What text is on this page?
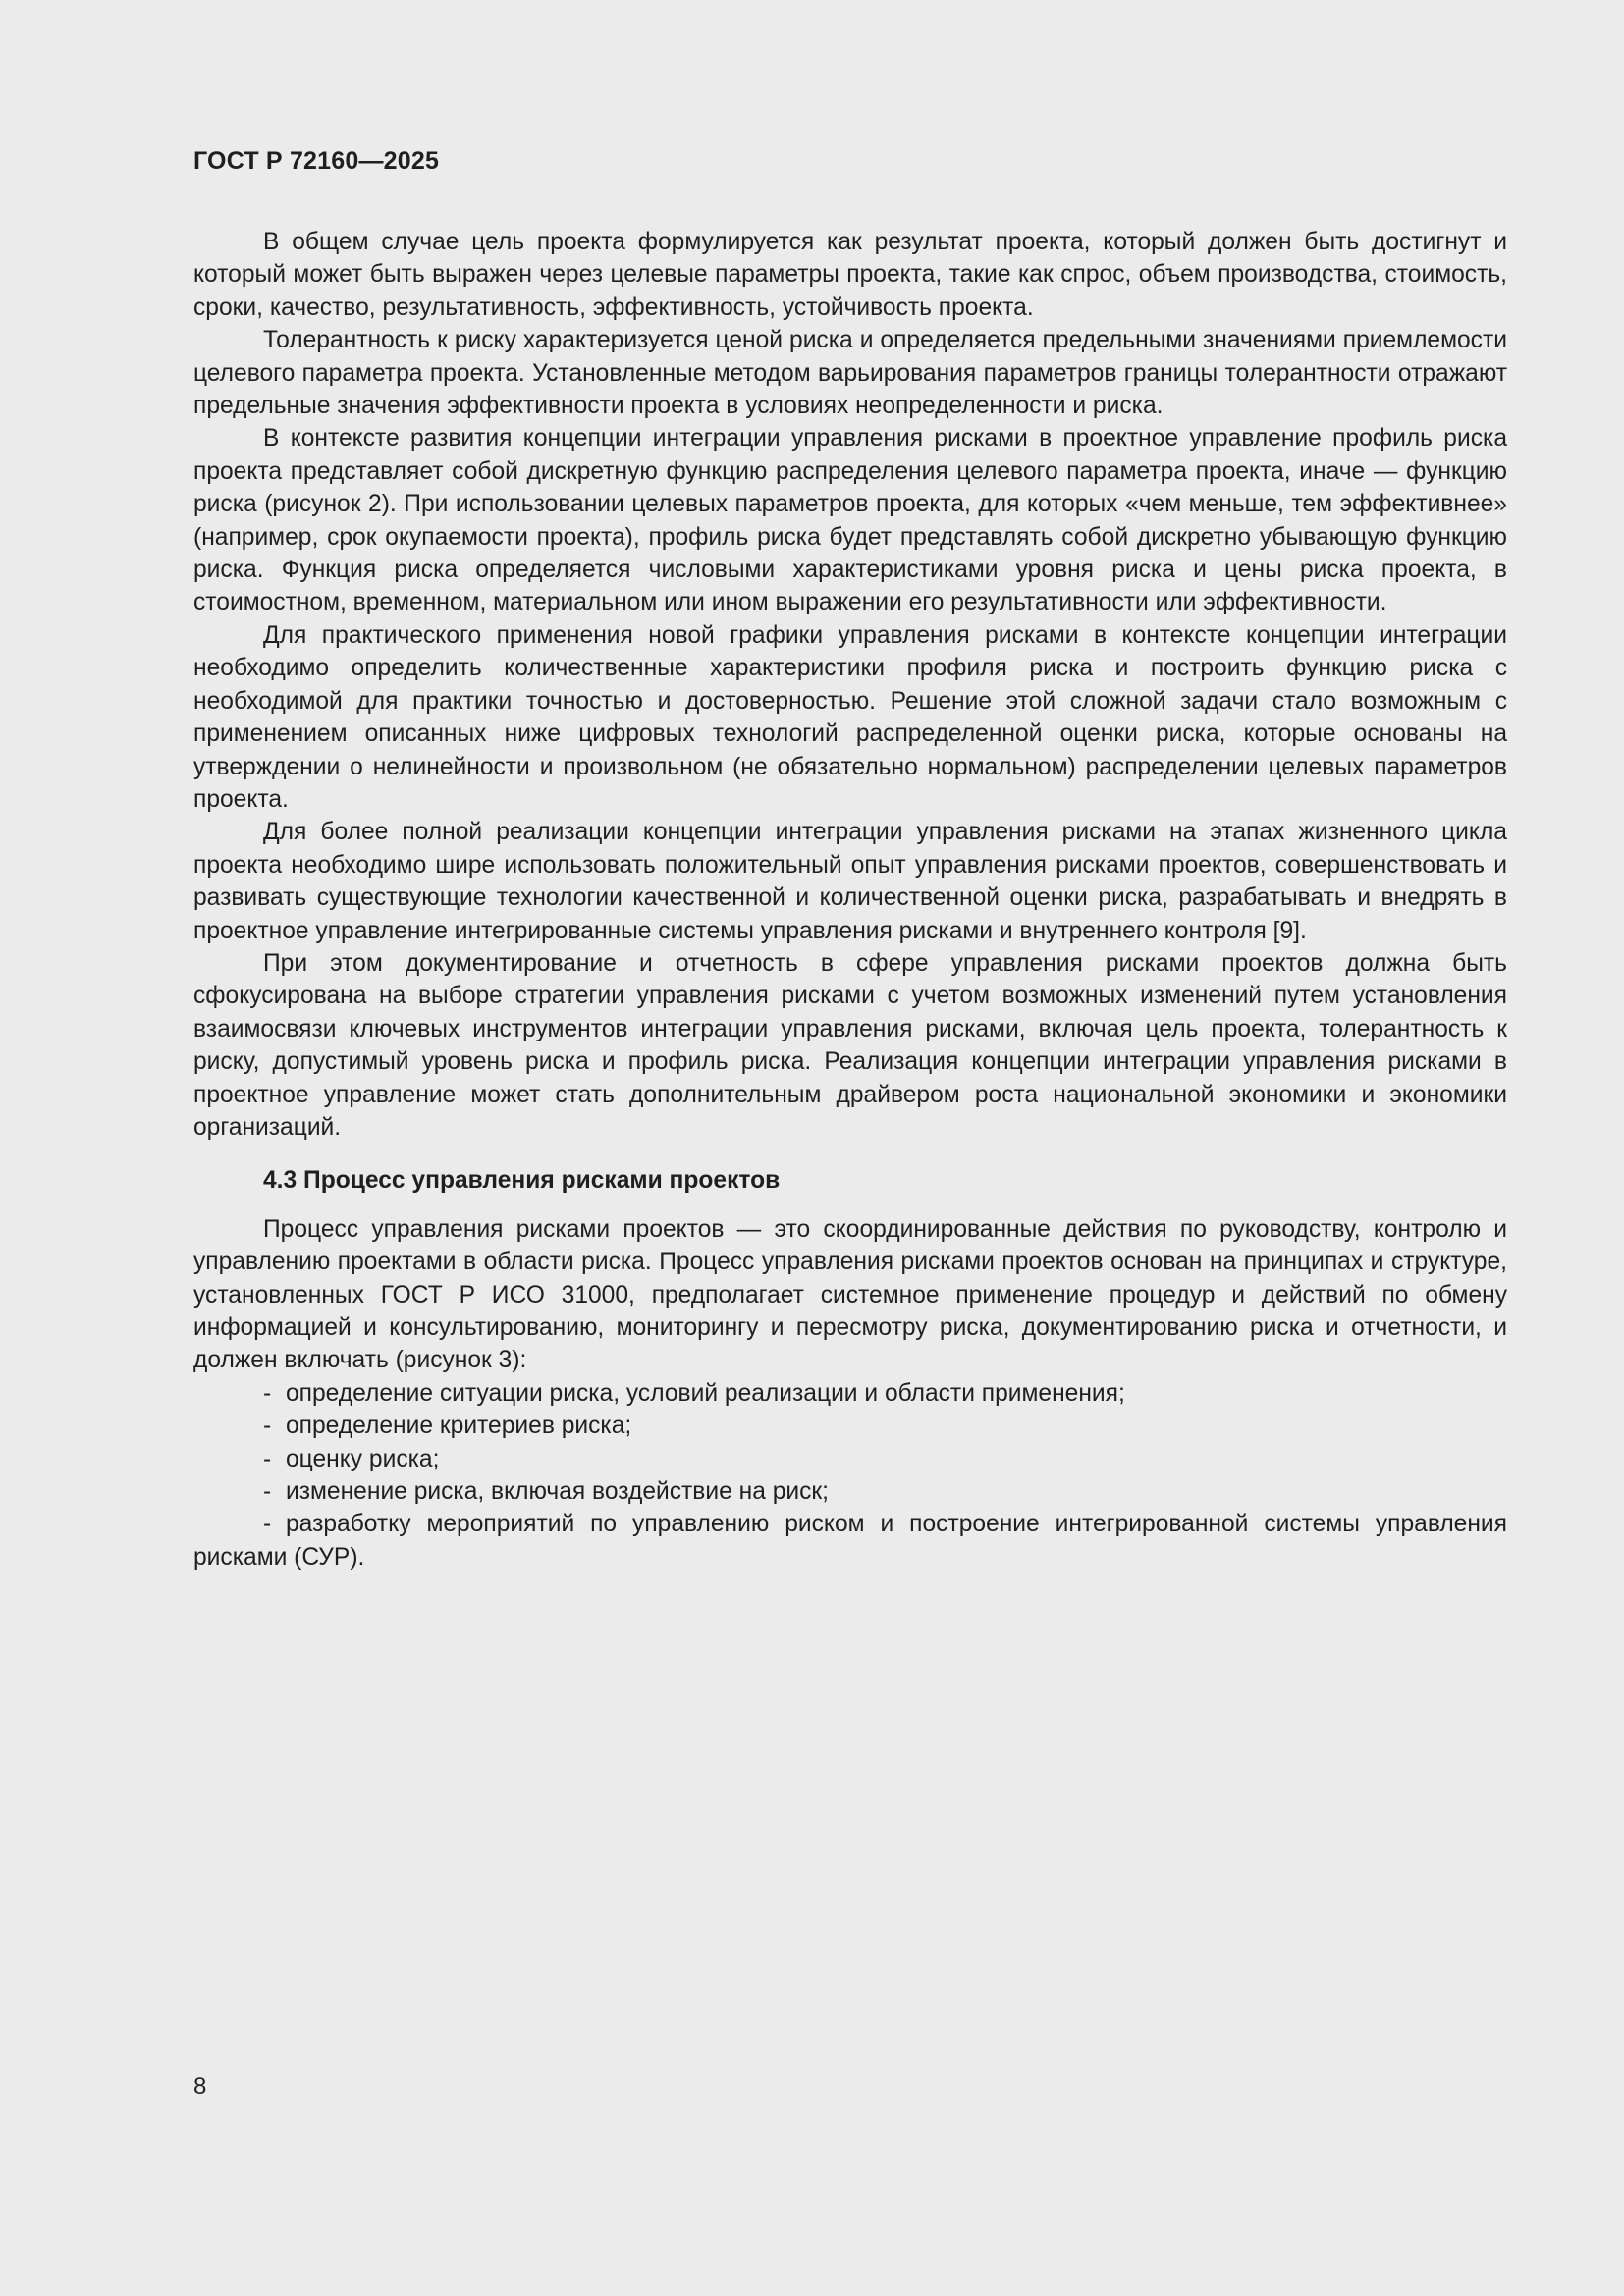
ГОСТ Р 72160—2025

В общем случае цель проекта формулируется как результат проекта, который должен быть достигнут и который может быть выражен через целевые параметры проекта, такие как спрос, объем производства, стоимость, сроки, качество, результативность, эффективность, устойчивость проекта.

Толерантность к риску характеризуется ценой риска и определяется предельными значениями приемлемости целевого параметра проекта. Установленные методом варьирования параметров границы толерантности отражают предельные значения эффективности проекта в условиях неопределенности и риска.

В контексте развития концепции интеграции управления рисками в проектное управление профиль риска проекта представляет собой дискретную функцию распределения целевого параметра проекта, иначе — функцию риска (рисунок 2). При использовании целевых параметров проекта, для которых «чем меньше, тем эффективнее» (например, срок окупаемости проекта), профиль риска будет представлять собой дискретно убывающую функцию риска. Функция риска определяется числовыми характеристиками уровня риска и цены риска проекта, в стоимостном, временном, материальном или ином выражении его результативности или эффективности.

Для практического применения новой графики управления рисками в контексте концепции интеграции необходимо определить количественные характеристики профиля риска и построить функцию риска с необходимой для практики точностью и достоверностью. Решение этой сложной задачи стало возможным с применением описанных ниже цифровых технологий распределенной оценки риска, которые основаны на утверждении о нелинейности и произвольном (не обязательно нормальном) распределении целевых параметров проекта.

Для более полной реализации концепции интеграции управления рисками на этапах жизненного цикла проекта необходимо шире использовать положительный опыт управления рисками проектов, совершенствовать и развивать существующие технологии качественной и количественной оценки риска, разрабатывать и внедрять в проектное управление интегрированные системы управления рисками и внутреннего контроля [9].

При этом документирование и отчетность в сфере управления рисками проектов должна быть сфокусирована на выборе стратегии управления рисками с учетом возможных изменений путем установления взаимосвязи ключевых инструментов интеграции управления рисками, включая цель проекта, толерантность к риску, допустимый уровень риска и профиль риска. Реализация концепции интеграции управления рисками в проектное управление может стать дополнительным драйвером роста национальной экономики и экономики организаций.

4.3 Процесс управления рисками проектов

Процесс управления рисками проектов — это скоординированные действия по руководству, контролю и управлению проектами в области риска. Процесс управления рисками проектов основан на принципах и структуре, установленных ГОСТ Р ИСО 31000, предполагает системное применение процедур и действий по обмену информацией и консультированию, мониторингу и пересмотру риска, документированию риска и отчетности, и должен включать (рисунок 3):

- определение ситуации риска, условий реализации и области применения;
- определение критериев риска;
- оценку риска;
- изменение риска, включая воздействие на риск;
- разработку мероприятий по управлению риском и построение интегрированной системы управления рисками (СУР).
8
